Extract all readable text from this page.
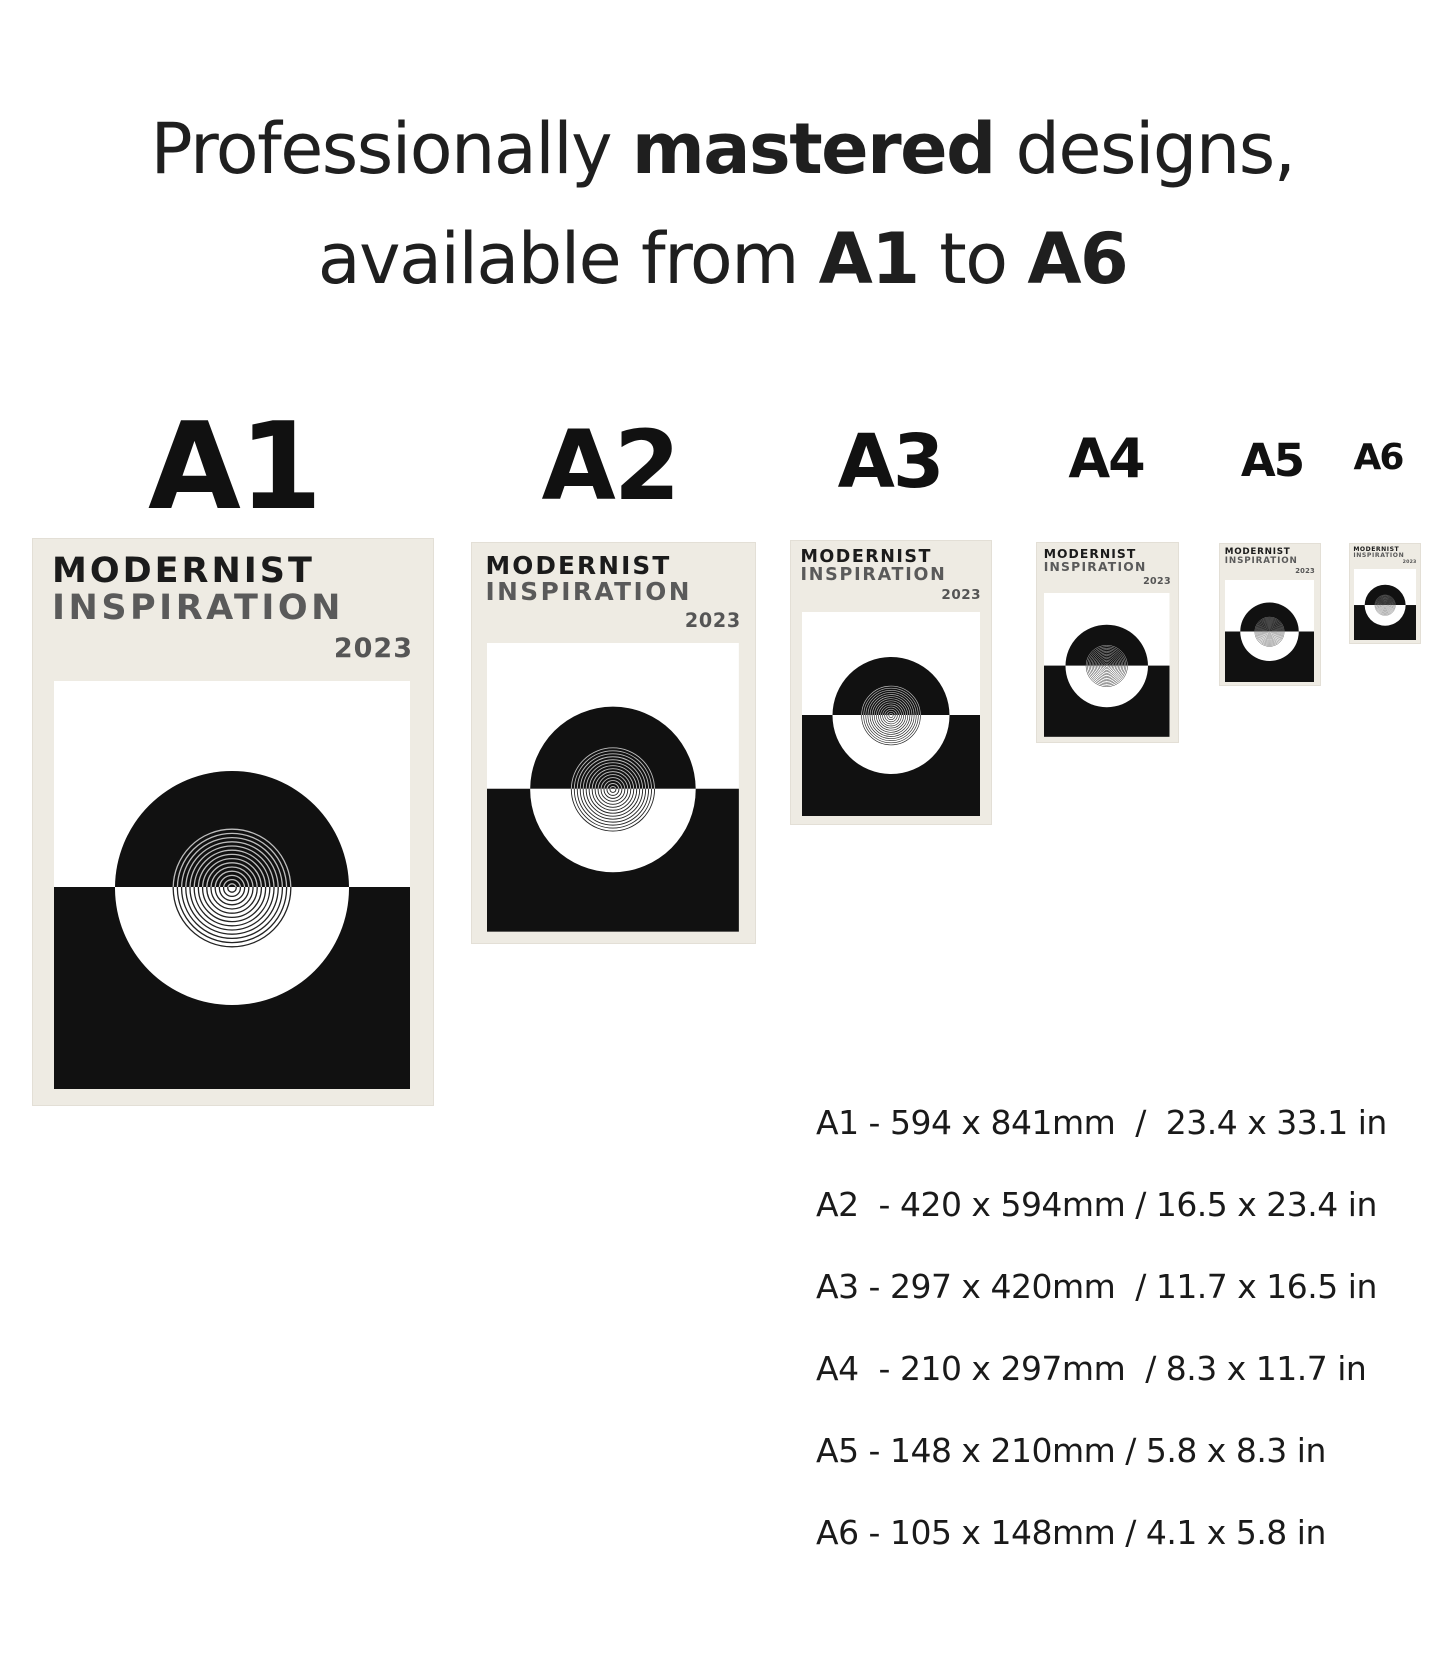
Professionally mastered designs,
available from A1 to A6
A1 A2 A3 A4 A5 A6
MODERNIST
INSPIRATION
2023
MODERNIST
INSPIRATION
2023
MODERNIST
INSPIRATION
2023
MODERNIST
INSPIRATION
2023
MODERNIST
INSPIRATION
2023
MODERNIST
INSPIRATION
2023
A1 - 594 x 841mm  /  23.4 x 33.1 in
A2  - 420 x 594mm / 16.5 x 23.4 in
A3 - 297 x 420mm  / 11.7 x 16.5 in
A4  - 210 x 297mm  / 8.3 x 11.7 in
A5 - 148 x 210mm / 5.8 x 8.3 in
A6 - 105 x 148mm / 4.1 x 5.8 in
